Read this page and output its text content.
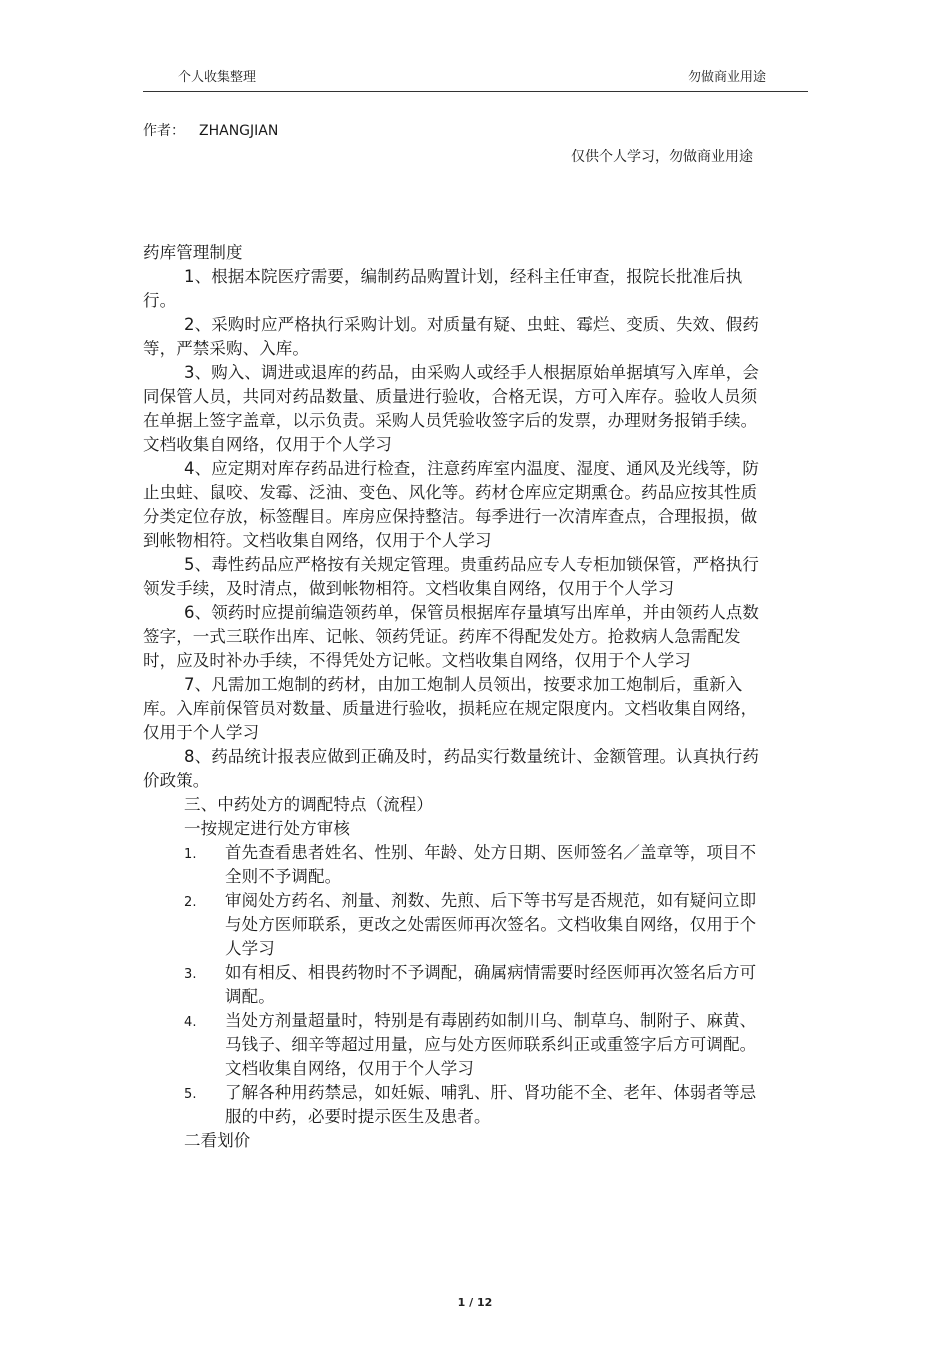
个人收集整理	勿做商业用途
作者： ZHANGJIAN
仅供个人学习，勿做商业用途

药库管理制度

1、根据本院医疗需要，编制药品购置计划，经科主任审查，报院长批准后执行。

2、采购时应严格执行采购计划。对质量有疑、虫蛀、霉烂、变质、失效、假药等，严禁采购、入库。

3、购入、调进或退库的药品，由采购人或经手人根据原始单据填写入库单，会同保管人员，共同对药品数量、质量进行验收，合格无误，方可入库存。验收人员须在单据上签字盖章，以示负责。采购人员凭验收签字后的发票，办理财务报销手续。文档收集自网络，仅用于个人学习

4、应定期对库存药品进行检查，注意药库室内温度、湿度、通风及光线等，防止虫蛀、鼠咬、发霉、泛油、变色、风化等。药材仓库应定期熏仓。药品应按其性质分类定位存放，标签醒目。库房应保持整洁。每季进行一次清库查点，合理报损，做到帐物相符。文档收集自网络，仅用于个人学习

5、毒性药品应严格按有关规定管理。贵重药品应专人专柜加锁保管，严格执行领发手续，及时清点，做到帐物相符。文档收集自网络，仅用于个人学习

6、领药时应提前编造领药单，保管员根据库存量填写出库单，并由领药人点数签字，一式三联作出库、记帐、领药凭证。药库不得配发处方。抢救病人急需配发时，应及时补办手续，不得凭处方记帐。文档收集自网络，仅用于个人学习

7、凡需加工炮制的药材，由加工炮制人员领出，按要求加工炮制后，重新入库。入库前保管员对数量、质量进行验收，损耗应在规定限度内。文档收集自网络，仅用于个人学习

8、药品统计报表应做到正确及时，药品实行数量统计、金额管理。认真执行药价政策。

三、中药处方的调配特点（流程）

一按规定进行处方审核

1. 首先查看患者姓名、性别、年龄、处方日期、医师签名／盖章等，项目不全则不予调配。
2. 审阅处方药名、剂量、剂数、先煎、后下等书写是否规范，如有疑问立即与处方医师联系，更改之处需医师再次签名。文档收集自网络，仅用于个人学习
3. 如有相反、相畏药物时不予调配，确属病情需要时经医师再次签名后方可调配。
4. 当处方剂量超量时，特别是有毒剧药如制川乌、制草乌、制附子、麻黄、马钱子、细辛等超过用量，应与处方医师联系纠正或重签字后方可调配。文档收集自网络，仅用于个人学习
5. 了解各种用药禁忌，如妊娠、哺乳、肝、肾功能不全、老年、体弱者等忌服的中药，必要时提示医生及患者。

二看划价

1 / 12
